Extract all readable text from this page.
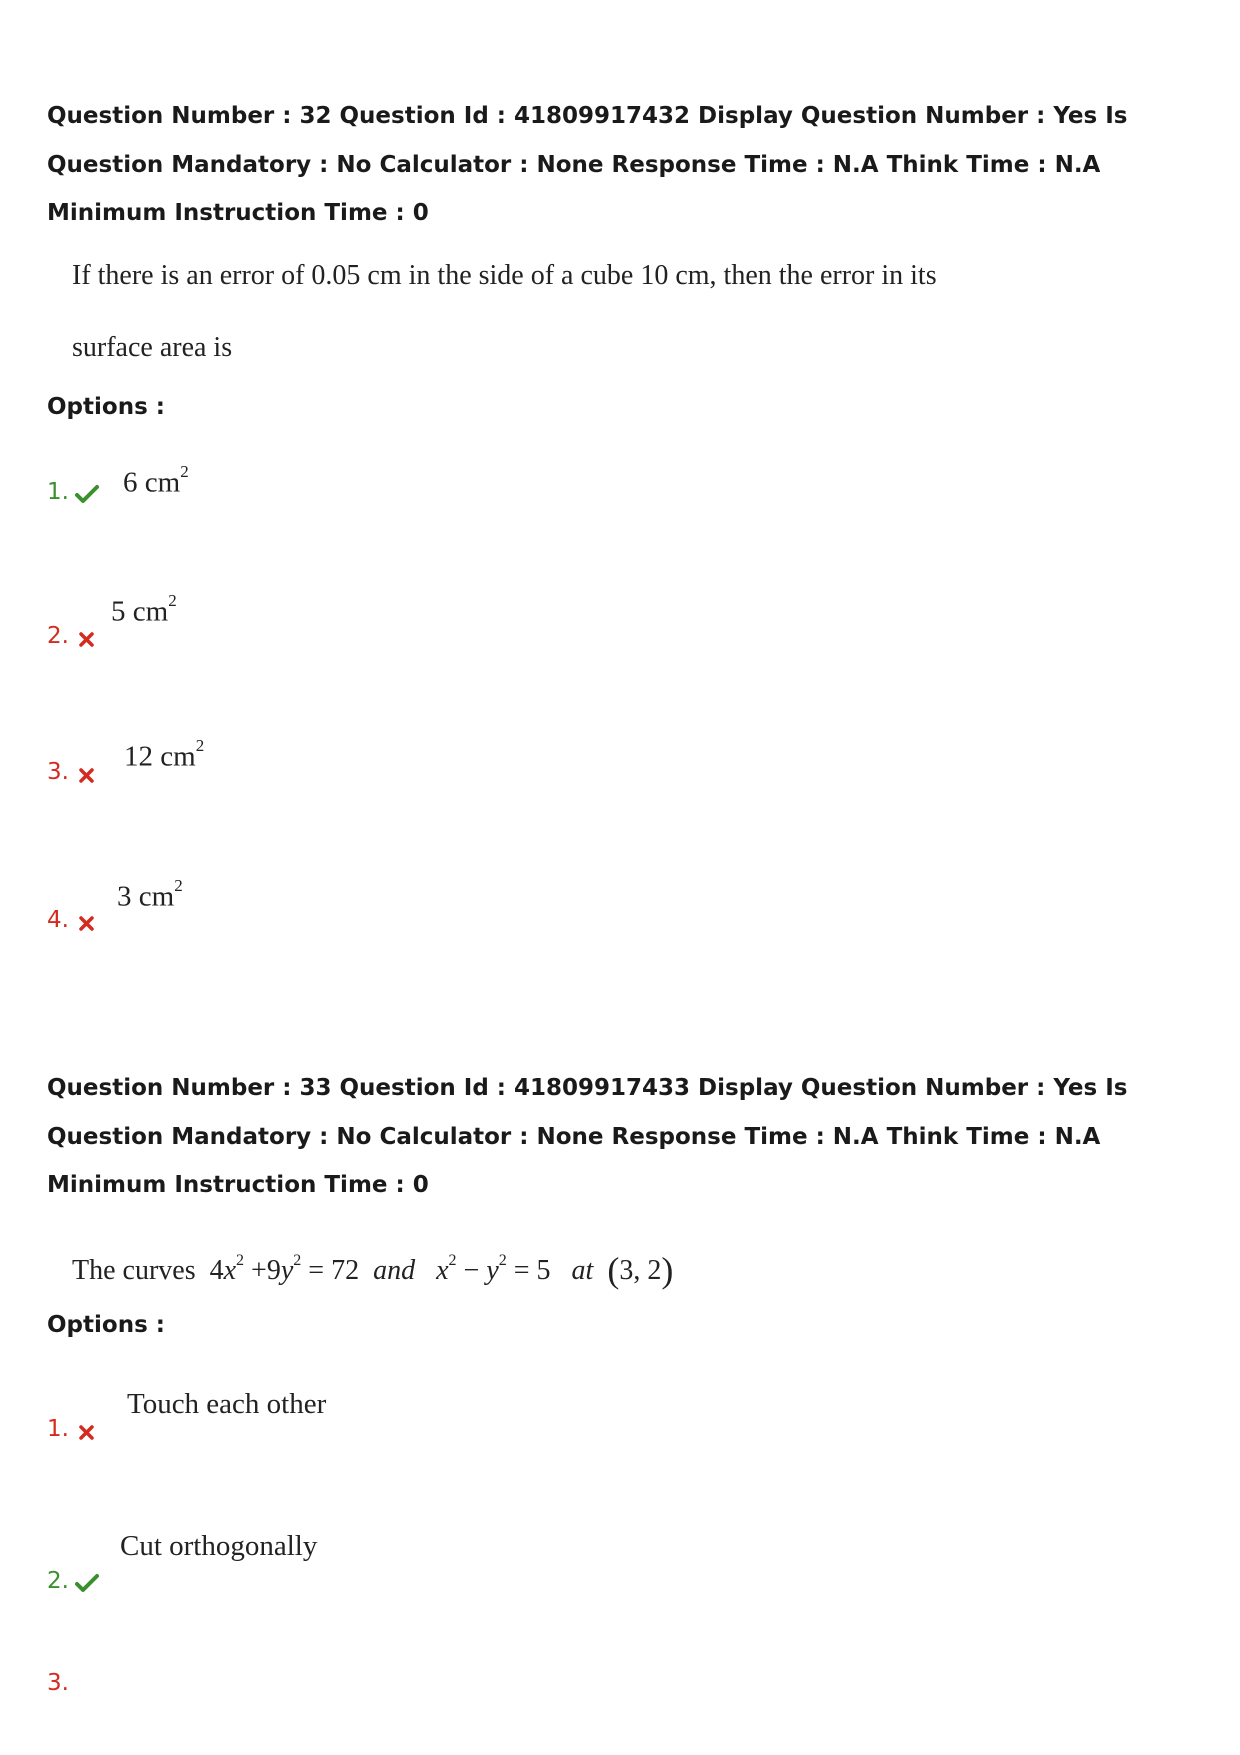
Question Number : 32 Question Id : 41809917432 Display Question Number : Yes Is Question Mandatory : No Calculator : None Response Time : N.A Think Time : N.A Minimum Instruction Time : 0
If there is an error of 0.05 cm in the side of a cube 10 cm, then the error in its
surface area is
Options :
1. 6 $cm^2$
2.
5 $cm^2$
3. 12 $cm^2$
4.
3 $cm^2$
Question Number : 33 Question Id : 41809917433 Display Question Number : Yes Is Question Mandatory : No Calculator : None Response Time : N.A Think Time : N.A Minimum Instruction Time : 0
The curves  $4x^2 +9y^2 = 72$  and $x^2 - y^2 = 5$   at (3, 2)
Options :
1.
Touch each other
2.
Cut orthogonally
3.
